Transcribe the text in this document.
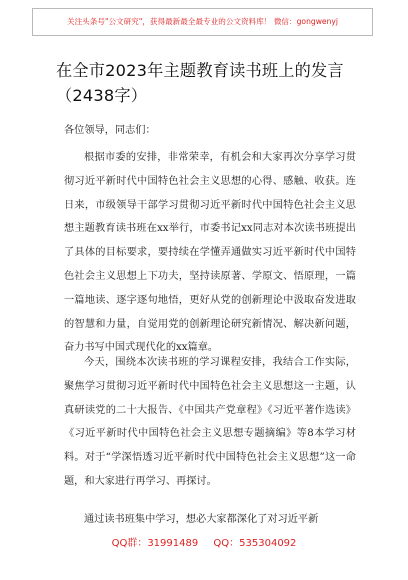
关注头条号"公文研究"，获得最新最全最专业的公文资料库！ 微信：gongwenyj
在全市2023年主题教育读书班上的发言（2438字）
各位领导，同志们：

根据市委的安排，非常荣幸，有机会和大家再次分享学习贯彻习近平新时代中国特色社会主义思想的心得、感触、收获。连日来，市级领导干部学习贯彻习近平新时代中国特色社会主义思想主题教育读书班在xx举行，市委书记xx同志对本次读书班提出了具体的目标要求，要持续在学懂弄通做实习近平新时代中国特色社会主义思想上下功夫，坚持读原著、学原文、悟原理，一篇一篇地读、逐字逐句地悟，更好从党的创新理论中汲取奋发进取的智慧和力量，自觉用党的创新理论研究新情况、解决新问题，奋力书写中国式现代化的xx篇章。

今天，围绕本次读书班的学习课程安排，我结合工作实际，聚焦学习贯彻习近平新时代中国特色社会主义思想这一主题，认真研读党的二十大报告、《中国共产党章程》《习近平著作选读》《习近平新时代中国特色社会主义思想专题摘编》等8本学习材料。对于“学深悟透习近平新时代中国特色社会主义思想”这一命题，和大家进行再学习、再探讨。

通过读书班集中学习，想必大家都深化了对习近平新

QQ群：31991489 QQ：535304092
